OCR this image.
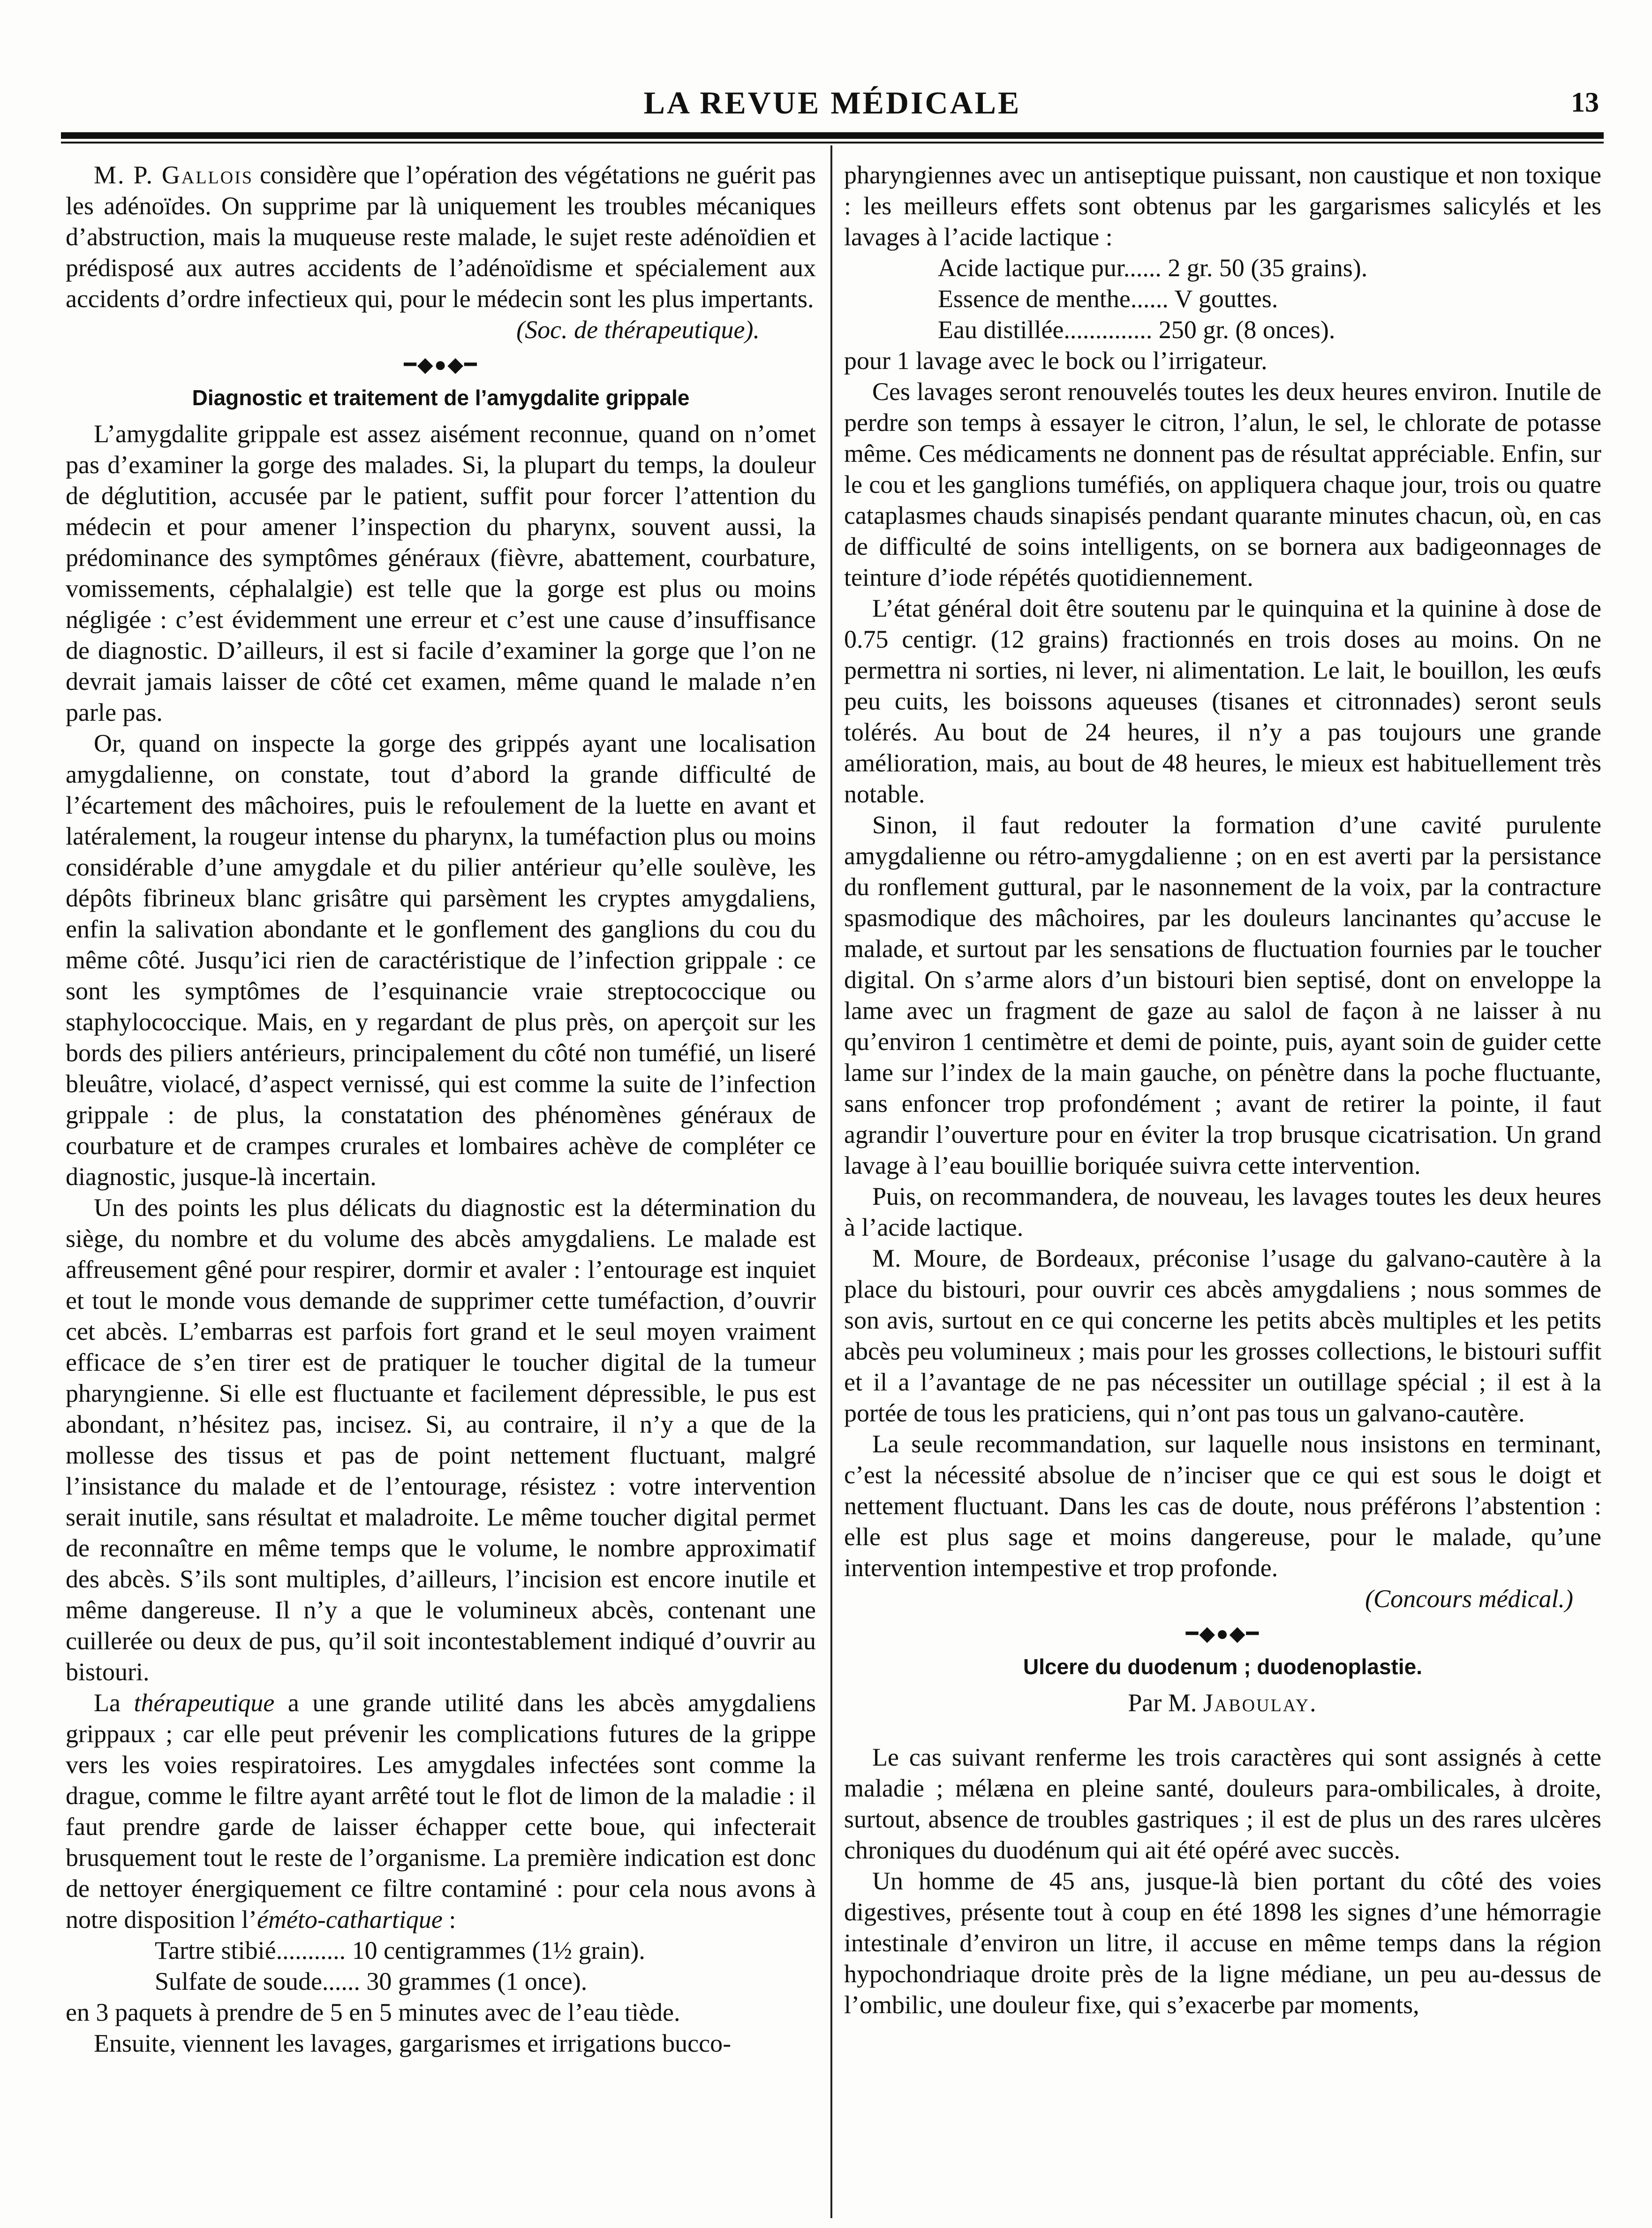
LA REVUE MÉDICALE	13

M. P. Gallois considère que l’opération des végétations ne guérit pas les adénoïdes. On supprime par là uniquement les troubles mécaniques d’abstruction, mais la muqueuse reste malade, le sujet reste adénoïdien et prédisposé aux autres accidents de l’adénoïdisme et spécialement aux accidents d’ordre infectieux qui, pour le médecin sont les plus impertants.

(Soc. de thérapeutique).
━◆●◆━
Diagnostic et traitement de l’amygdalite grippale

L’amygdalite grippale est assez aisément reconnue, quand on n’omet pas d’examiner la gorge des malades. Si, la plupart du temps, la douleur de déglutition, accusée par le patient, suffit pour forcer l’attention du médecin et pour amener l’inspection du pharynx, souvent aussi, la prédominance des symptômes généraux (fièvre, abattement, courbature, vomissements, céphalalgie) est telle que la gorge est plus ou moins négligée : c’est évidemment une erreur et c’est une cause d’insuffisance de diagnostic. D’ailleurs, il est si facile d’examiner la gorge que l’on ne devrait jamais laisser de côté cet examen, même quand le malade n’en parle pas.

Or, quand on inspecte la gorge des grippés ayant une localisation amygdalienne, on constate, tout d’abord la grande difficulté de l’écartement des mâchoires, puis le refoulement de la luette en avant et latéralement, la rougeur intense du pharynx, la tuméfaction plus ou moins considérable d’une amygdale et du pilier antérieur qu’elle soulève, les dépôts fibrineux blanc grisâtre qui parsèment les cryptes amygdaliens, enfin la salivation abondante et le gonflement des ganglions du cou du même côté. Jusqu’ici rien de caractéristique de l’infection grippale : ce sont les symptômes de l’esquinancie vraie streptococcique ou staphylococcique. Mais, en y regardant de plus près, on aperçoit sur les bords des piliers antérieurs, principalement du côté non tuméfié, un liseré bleuâtre, violacé, d’aspect vernissé, qui est comme la suite de l’infection grippale : de plus, la constatation des phénomènes généraux de courbature et de crampes crurales et lombaires achève de compléter ce diagnostic, jusque-là incertain.

Un des points les plus délicats du diagnostic est la détermination du siège, du nombre et du volume des abcès amygdaliens. Le malade est affreusement gêné pour respirer, dormir et avaler : l’entourage est inquiet et tout le monde vous demande de supprimer cette tuméfaction, d’ouvrir cet abcès. L’embarras est parfois fort grand et le seul moyen vraiment efficace de s’en tirer est de pratiquer le toucher digital de la tumeur pharyngienne. Si elle est fluctuante et facilement dépressible, le pus est abondant, n’hésitez pas, incisez. Si, au contraire, il n’y a que de la mollesse des tissus et pas de point nettement fluctuant, malgré l’insistance du malade et de l’entourage, résistez : votre intervention serait inutile, sans résultat et maladroite. Le même toucher digital permet de reconnaître en même temps que le volume, le nombre approximatif des abcès. S’ils sont multiples, d’ailleurs, l’incision est encore inutile et même dangereuse. Il n’y a que le volumineux abcès, contenant une cuillerée ou deux de pus, qu’il soit incontestablement indiqué d’ouvrir au bistouri.

La thérapeutique a une grande utilité dans les abcès amygdaliens grippaux ; car elle peut prévenir les complications futures de la grippe vers les voies respiratoires. Les amygdales infectées sont comme la drague, comme le filtre ayant arrêté tout le flot de limon de la maladie : il faut prendre garde de laisser échapper cette boue, qui infecterait brusquement tout le reste de l’organisme. La première indication est donc de nettoyer énergiquement ce filtre contaminé : pour cela nous avons à notre disposition l’éméto-cathartique :

Tartre stibié........... 10 centigrammes (1½ grain).
Sulfate de soude...... 30 grammes (1 once).

en 3 paquets à prendre de 5 en 5 minutes avec de l’eau tiède.

Ensuite, viennent les lavages, gargarismes et irrigations bucco-

pharyngiennes avec un antiseptique puissant, non caustique et non toxique : les meilleurs effets sont obtenus par les gargarismes salicylés et les lavages à l’acide lactique :

Acide lactique pur...... 2 gr. 50 (35 grains).
Essence de menthe...... V gouttes.
Eau distillée.............. 250 gr. (8 onces).

pour 1 lavage avec le bock ou l’irrigateur.

Ces lavages seront renouvelés toutes les deux heures environ. Inutile de perdre son temps à essayer le citron, l’alun, le sel, le chlorate de potasse même. Ces médicaments ne donnent pas de résultat appréciable. Enfin, sur le cou et les ganglions tuméfiés, on appliquera chaque jour, trois ou quatre cataplasmes chauds sinapisés pendant quarante minutes chacun, où, en cas de difficulté de soins intelligents, on se bornera aux badigeonnages de teinture d’iode répétés quotidiennement.

L’état général doit être soutenu par le quinquina et la quinine à dose de 0.75 centigr. (12 grains) fractionnés en trois doses au moins. On ne permettra ni sorties, ni lever, ni alimentation. Le lait, le bouillon, les œufs peu cuits, les boissons aqueuses (tisanes et citronnades) seront seuls tolérés. Au bout de 24 heures, il n’y a pas toujours une grande amélioration, mais, au bout de 48 heures, le mieux est habituellement très notable.

Sinon, il faut redouter la formation d’une cavité purulente amygdalienne ou rétro-amygdalienne ; on en est averti par la persistance du ronflement guttural, par le nasonnement de la voix, par la contracture spasmodique des mâchoires, par les douleurs lancinantes qu’accuse le malade, et surtout par les sensations de fluctuation fournies par le toucher digital. On s’arme alors d’un bistouri bien septisé, dont on enveloppe la lame avec un fragment de gaze au salol de façon à ne laisser à nu qu’environ 1 centimètre et demi de pointe, puis, ayant soin de guider cette lame sur l’index de la main gauche, on pénètre dans la poche fluctuante, sans enfoncer trop profondément ; avant de retirer la pointe, il faut agrandir l’ouverture pour en éviter la trop brusque cicatrisation. Un grand lavage à l’eau bouillie boriquée suivra cette intervention.

Puis, on recommandera, de nouveau, les lavages toutes les deux heures à l’acide lactique.

M. Moure, de Bordeaux, préconise l’usage du galvano-cautère à la place du bistouri, pour ouvrir ces abcès amygdaliens ; nous sommes de son avis, surtout en ce qui concerne les petits abcès multiples et les petits abcès peu volumineux ; mais pour les grosses collections, le bistouri suffit et il a l’avantage de ne pas nécessiter un outillage spécial ; il est à la portée de tous les praticiens, qui n’ont pas tous un galvano-cautère.

La seule recommandation, sur laquelle nous insistons en terminant, c’est la nécessité absolue de n’inciser que ce qui est sous le doigt et nettement fluctuant. Dans les cas de doute, nous préférons l’abstention : elle est plus sage et moins dangereuse, pour le malade, qu’une intervention intempestive et trop profonde.

(Concours médical.)
━◆●◆━
Ulcere du duodenum ; duodenoplastie.
Par M. Jaboulay.

Le cas suivant renferme les trois caractères qui sont assignés à cette maladie ; mélæna en pleine santé, douleurs para-ombilicales, à droite, surtout, absence de troubles gastriques ; il est de plus un des rares ulcères chroniques du duodénum qui ait été opéré avec succès.

Un homme de 45 ans, jusque-là bien portant du côté des voies digestives, présente tout à coup en été 1898 les signes d’une hémorragie intestinale d’environ un litre, il accuse en même temps dans la région hypochondriaque droite près de la ligne médiane, un peu au-dessus de l’ombilic, une douleur fixe, qui s’exacerbe par moments,
